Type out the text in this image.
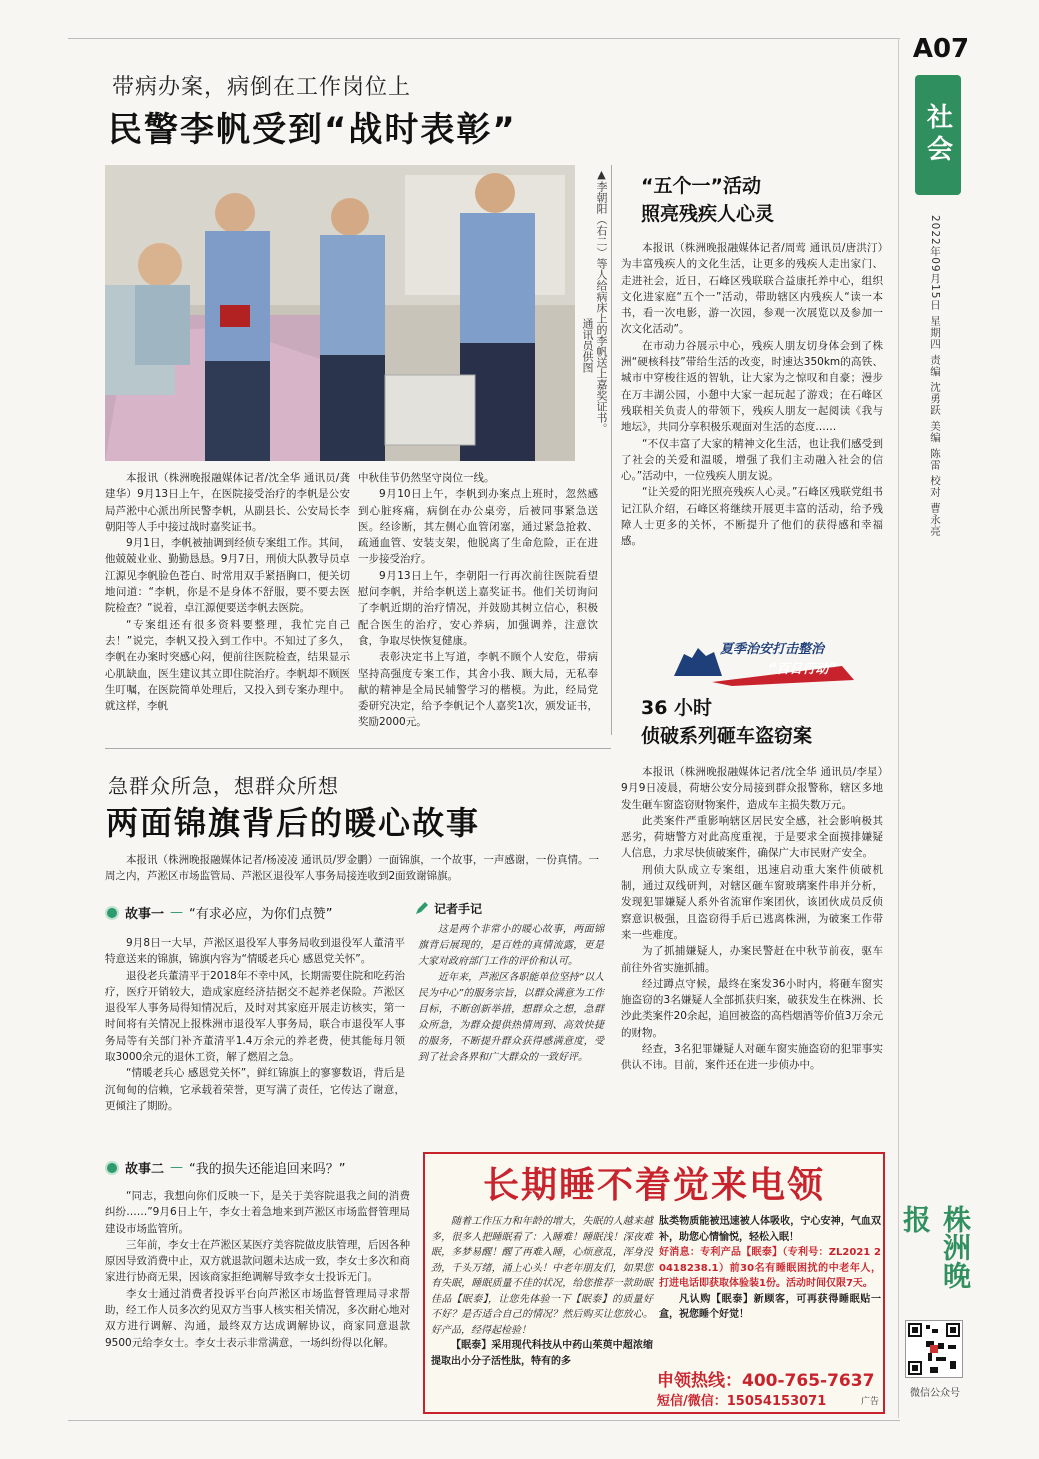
A07
社会
2022年09月15日 星期四 责编 沈勇跃 美编 陈雷 校对 曹永亮
株洲晚报
微信公众号
带病办案，病倒在工作岗位上
民警李帆受到“战时表彰”
▲李朝阳（右二）等人给病床上的李帆送上嘉奖证书。

通讯员供图

本报讯（株洲晚报融媒体记者/沈全华 通讯员/龚建华）9月13日上午，在医院接受治疗的李帆是公安局芦淞中心派出所民警李帆，从副县长、公安局长李朝阳等人手中接过战时嘉奖证书。

9月1日，李帆被抽调到经侦专案组工作。其间，他兢兢业业、勤勤恳恳。9月7日，刑侦大队教导员卓江源见李帆脸色苍白、时常用双手紧捂胸口，便关切地问道：“李帆，你是不是身体不舒服，要不要去医院检查？”说着，卓江源便要送李帆去医院。

“专案组还有很多资料要整理，我忙完自己去！”说完，李帆又投入到工作中。不知过了多久，李帆在办案时突感心闷，便前往医院检查，结果显示心肌缺血，医生建议其立即住院治疗。李帆却不顾医生叮嘱，在医院简单处理后，又投入到专案办理中。就这样，李帆

中秋佳节仍然坚守岗位一线。

9月10日上午，李帆到办案点上班时，忽然感到心脏疼痛，病倒在办公桌旁，后被同事紧急送医。经诊断，其左侧心血管闭塞，通过紧急抢救、疏通血管、安装支架，他脱离了生命危险，正在进一步接受治疗。

9月13日上午，李朝阳一行再次前往医院看望慰问李帆，并给李帆送上嘉奖证书。他们关切询问了李帆近期的治疗情况，并鼓励其树立信心，积极配合医生的治疗，安心养病，加强调养，注意饮食，争取尽快恢复健康。

表彰决定书上写道，李帆不顾个人安危，带病坚持高强度专案工作，其舍小我、顾大局，无私奉献的精神是全局民辅警学习的楷模。为此，经局党委研究决定，给予李帆记个人嘉奖1次，颁发证书，奖励2000元。

“五个一”活动
照亮残疾人心灵

本报讯（株洲晚报融媒体记者/周莺 通讯员/唐洪汀）为丰富残疾人的文化生活，让更多的残疾人走出家门、走进社会，近日，石峰区残联联合益康托养中心，组织文化进家庭“五个一”活动，带助辖区内残疾人“读一本书，看一次电影，游一次园，参观一次展览以及参加一次文化活动”。

在市动力谷展示中心，残疾人朋友切身体会到了株洲“硬核科技”带给生活的改变，时速达350km的高铁、城市中穿梭往返的智轨，让大家为之惊叹和自豪；漫步在万丰湖公园，小憩中大家一起玩起了游戏；在石峰区残联相关负责人的带领下，残疾人朋友一起阅读《我与地坛》，共同分享积极乐观面对生活的态度……

“不仅丰富了大家的精神文化生活，也让我们感受到了社会的关爱和温暖，增强了我们主动融入社会的信心。”活动中，一位残疾人朋友说。

“让关爱的阳光照亮残疾人心灵。”石峰区残联党组书记江队介绍，石峰区将继续开展更丰富的活动，给予残障人士更多的关怀，不断提升了他们的获得感和幸福感。

夏季治安打击整治
“百日行动”
36 小时
侦破系列砸车盗窃案

本报讯（株洲晚报融媒体记者/沈全华 通讯员/李星）9月9日凌晨，荷塘公安分局接到群众报警称，辖区多地发生砸车窗盗窃财物案件，造成车主损失数万元。

此类案件严重影响辖区居民安全感，社会影响极其恶劣，荷塘警方对此高度重视，于是要求全面摸排嫌疑人信息，力求尽快侦破案件，确保广大市民财产安全。

刑侦大队成立专案组，迅速启动重大案件侦破机制，通过双线研判，对辖区砸车窗玻璃案件串并分析，发现犯罪嫌疑人系外省流窜作案团伙，该团伙成员反侦察意识极强，且盗窃得手后已逃离株洲，为破案工作带来一些难度。

为了抓捕嫌疑人，办案民警赶在中秋节前夜，驱车前往外省实施抓捕。

经过蹲点守候，最终在案发36小时内，将砸车窗实施盗窃的3名嫌疑人全部抓获归案，破获发生在株洲、长沙此类案件20余起，追回被盗的高档烟酒等价值3万余元的财物。

经查，3名犯罪嫌疑人对砸车窗实施盗窃的犯罪事实供认不讳。目前，案件还在进一步侦办中。

急群众所急，想群众所想
两面锦旗背后的暖心故事

本报讯（株洲晚报融媒体记者/杨凌凌 通讯员/罗金鹏）一面锦旗，一个故事，一声感谢，一份真情。一周之内，芦淞区市场监管局、芦淞区退役军人事务局接连收到2面致谢锦旗。

故事一 — “有求必应，为你们点赞”

9月8日一大早，芦淞区退役军人事务局收到退役军人董清平特意送来的锦旗，锦旗内容为“情暖老兵心 感恩党关怀”。

退役老兵董清平于2018年不幸中风，长期需要住院和吃药治疗，医疗开销较大，造成家庭经济拮据交不起养老保险。芦淞区退役军人事务局得知情况后，及时对其家庭开展走访核实，第一时间将有关情况上报株洲市退役军人事务局，联合市退役军人事务局等有关部门补齐董清平1.4万余元的养老费，使其能每月领取3000余元的退休工资，解了燃眉之急。

“情暖老兵心 感恩党关怀”，鲜红锦旗上的寥寥数语，背后是沉甸甸的信赖，它承载着荣誉，更写满了责任，它传达了谢意，更倾注了期盼。

记者手记

这是两个非常小的暖心故事，两面锦旗背后展现的，是百姓的真情流露，更是大家对政府部门工作的评价和认可。

近年来，芦淞区各职能单位坚持“以人民为中心”的服务宗旨，以群众满意为工作目标，不断创新举措，想群众之想，急群众所急，为群众提供热情周到、高效快捷的服务，不断提升群众获得感满意度，受到了社会各界和广大群众的一致好评。

故事二 — “我的损失还能追回来吗？”

“同志，我想向你们反映一下，是关于美容院退我之间的消费纠纷……”9月6日上午，李女士着急地来到芦淞区市场监督管理局建设市场监管所。

三年前，李女士在芦淞区某医疗美容院做皮肤管理，后因各种原因导致消费中止，双方就退款问题未达成一致，李女士多次和商家进行协商无果，因该商家拒绝调解导致李女士投诉无门。

李女士通过消费者投诉平台向芦淞区市场监督管理局寻求帮助，经工作人员多次约见双方当事人核实相关情况，多次耐心地对双方进行调解、沟通，最终双方达成调解协议，商家同意退款9500元给李女士。李女士表示非常满意，一场纠纷得以化解。

长期睡不着觉来电领

随着工作压力和年龄的增大，失眠的人越来越多，很多人把睡眠看了：入睡难！睡眠浅！深夜难眠，多梦易醒！醒了再难入睡，心烦意乱，浑身没劲，千头万绪，涌上心头！中老年朋友们，如果您有失眠，睡眠质量不佳的状况，给您推荐一款助眠佳品【眠泰】，让您先体验一下【眠泰】的质量好不好？是否适合自己的情况？然后购买让您放心。好产品，经得起检验！

【眠泰】采用现代科技从中药山茱萸中超浓缩提取出小分子活性肽，特有的多

肽类物质能被迅速被人体吸收，宁心安神，气血双补，助您心情愉悦，轻松入眠！

好消息：专利产品【眠泰】（专利号：ZL2021 2 0418238.1）前30名有睡眠困扰的中老年人，打进电话即获取体验装1份。活动时间仅限7天。

凡认购【眠泰】新顾客，可再获得睡眠贴一盒，祝您睡个好觉！

申领热线：400-765-7637
短信/微信：15054153071	广告
